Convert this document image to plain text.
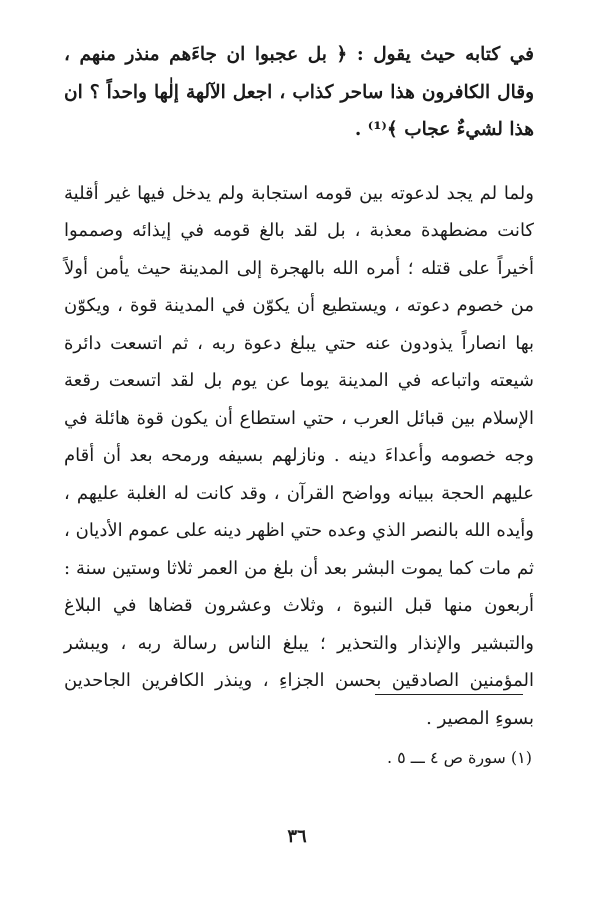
في كتابه حيث يقول : ﴿ بل عجبوا ان جاءَهم منذر منهم ، وقال الكافرون هذا ساحر كذاب ، اجعل الآلهة إلٰها واحداً ؟ ان هذا لشيءٌ عجاب ﴾⁽¹⁾ .

ولما لم يجد لدعوته بين قومه استجابة ولم يدخل فيها غير أقلية كانت مضطهدة معذبة ، بل لقد بالغ قومه في إيذائه وصمموا أخيراً على قتله ؛ أمره الله بالهجرة إلى المدينة حيث يأمن أولاً من خصوم دعوته ، ويستطيع أن يكوّن في المدينة قوة ، ويكوّن بها انصاراً يذودون عنه حتي يبلغ دعوة ربه ، ثم اتسعت دائرة شيعته واتباعه في المدينة يوما عن يوم بل لقد اتسعت رقعة الإسلام بين قبائل العرب ، حتي استطاع أن يكون قوة هائلة في وجه خصومه وأعداءَ دينه . ونازلهم بسيفه ورمحه بعد أن أقام عليهم الحجة ببيانه وواضح القرآن ، وقد كانت له الغلبة عليهم ، وأيده الله بالنصر الذي وعده حتي اظهر دينه على عموم الأديان ، ثم مات كما يموت البشر بعد أن بلغ من العمر ثلاثا وستين سنة : أربعون منها قبل النبوة ، وثلاث وعشرون قضاها في البلاغ والتبشير والإنذار والتحذير ؛ يبلغ الناس رسالة ربه ، ويبشر المؤمنين الصادقين بحسن الجزاءِ ، وينذر الكافرين الجاحدين بسوءِ المصير .

(١) سورة ص ٤ ـــ ٥ .
٣٦
